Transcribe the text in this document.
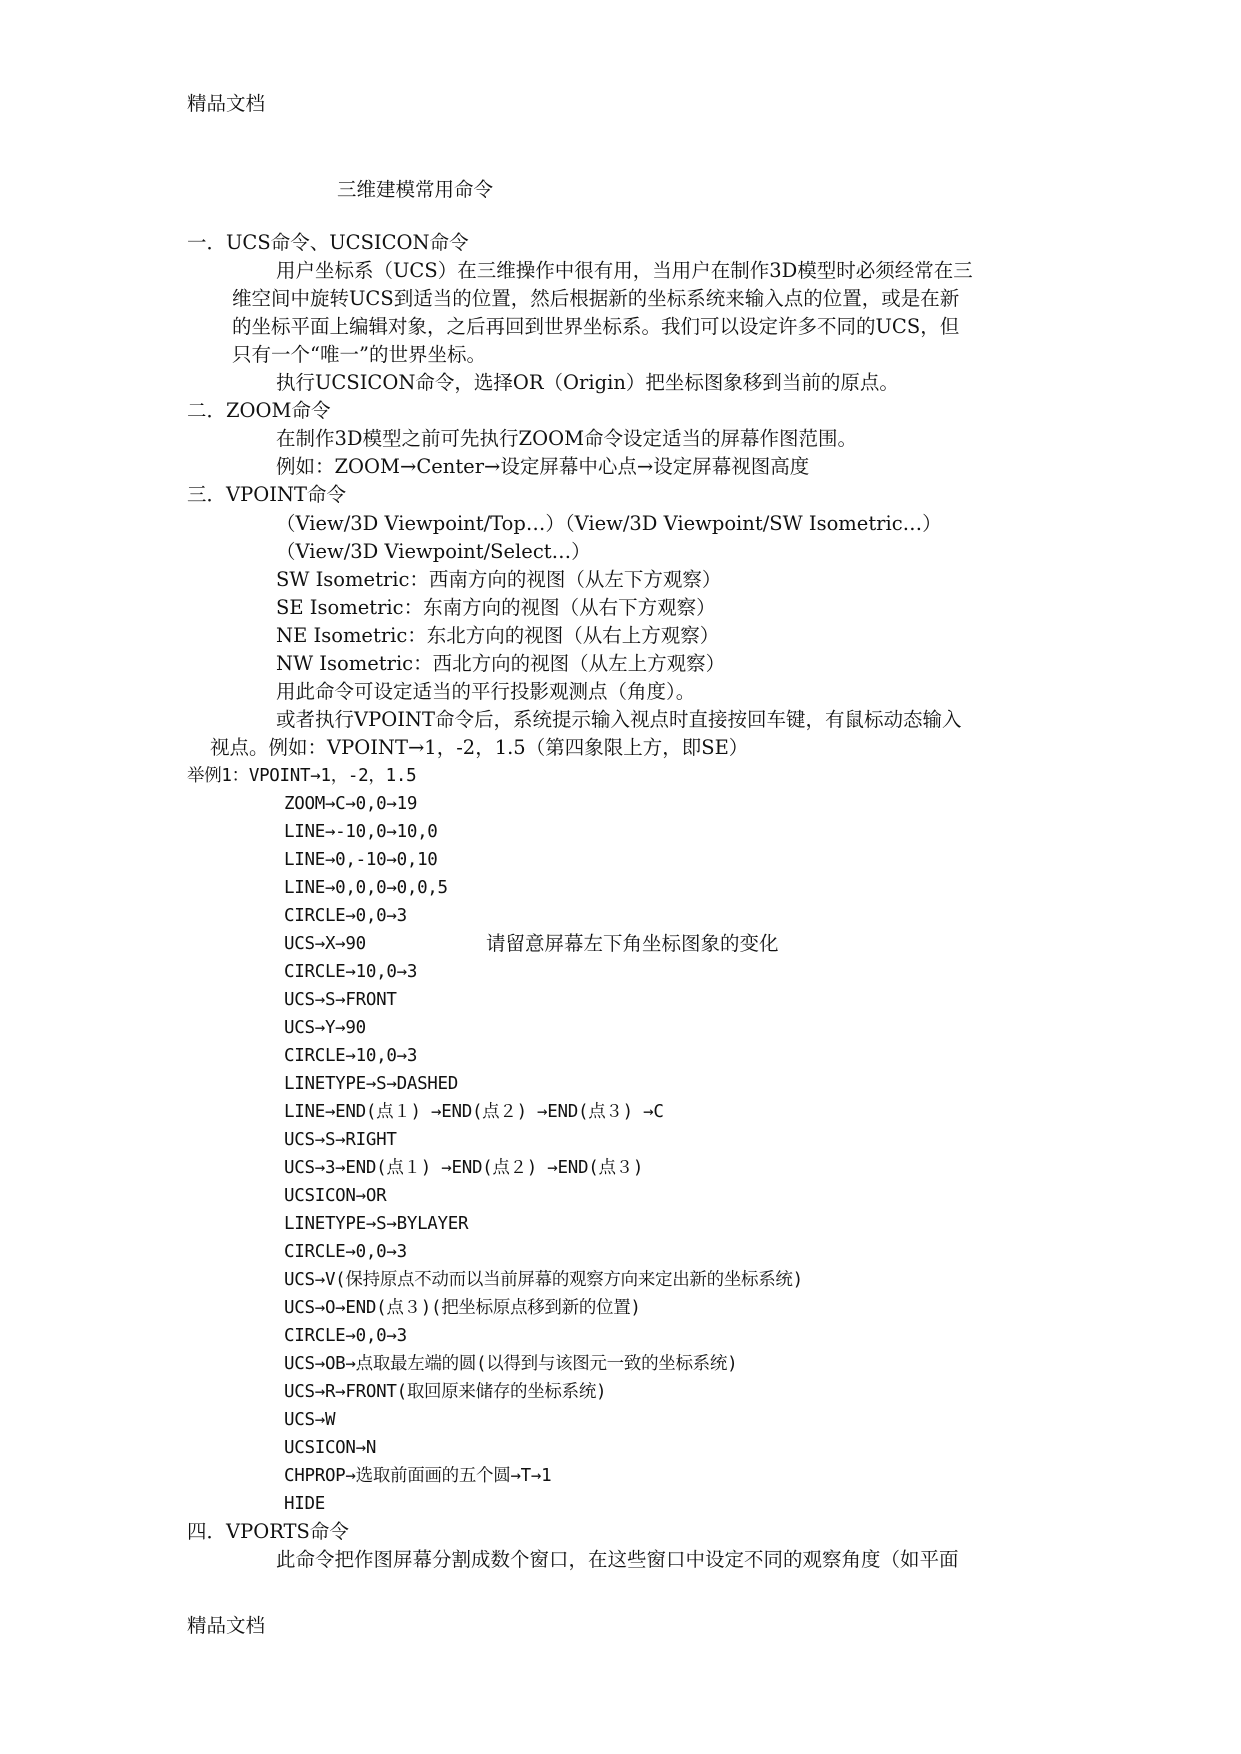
精品文档
三维建模常用命令
一．UCS命令、UCSICON命令
用户坐标系（UCS）在三维操作中很有用，当用户在制作3D模型时必须经常在三
维空间中旋转UCS到适当的位置，然后根据新的坐标系统来输入点的位置，或是在新
的坐标平面上编辑对象，之后再回到世界坐标系。我们可以设定许多不同的UCS，但
只有一个“唯一”的世界坐标。
执行UCSICON命令，选择OR（Origin）把坐标图象移到当前的原点。
二．ZOOM命令
在制作3D模型之前可先执行ZOOM命令设定适当的屏幕作图范围。
例如：ZOOM→Center→设定屏幕中心点→设定屏幕视图高度
三．VPOINT命令
（View/3D Viewpoint/Top…）（View/3D Viewpoint/SW Isometric…）
（View/3D Viewpoint/Select…）
SW Isometric：西南方向的视图（从左下方观察）
SE Isometric：东南方向的视图（从右下方观察）
NE Isometric：东北方向的视图（从右上方观察）
NW Isometric：西北方向的视图（从左上方观察）
用此命令可设定适当的平行投影观测点（角度）。
或者执行VPOINT命令后，系统提示输入视点时直接按回车键，有鼠标动态输入
视点。例如：VPOINT→1，-2，1.5（第四象限上方，即SE）
举例1：VPOINT→1，-2，1.5
ZOOM→C→0,0→19
LINE→-10,0→10,0
LINE→0,-10→0,10
LINE→0,0,0→0,0,5
CIRCLE→0,0→3
UCS→X→90	请留意屏幕左下角坐标图象的变化
CIRCLE→10,0→3
UCS→S→FRONT
UCS→Y→90
CIRCLE→10,0→3
LINETYPE→S→DASHED
LINE→END(点１) →END(点２) →END(点３) →C
UCS→S→RIGHT
UCS→3→END(点１) →END(点２) →END(点３)
UCSICON→OR
LINETYPE→S→BYLAYER
CIRCLE→0,0→3
UCS→V(保持原点不动而以当前屏幕的观察方向来定出新的坐标系统)
UCS→O→END(点３)(把坐标原点移到新的位置)
CIRCLE→0,0→3
UCS→OB→点取最左端的圆(以得到与该图元一致的坐标系统)
UCS→R→FRONT(取回原来储存的坐标系统)
UCS→W
UCSICON→N
CHPROP→选取前面画的五个圆→T→1
HIDE
四．VPORTS命令
此命令把作图屏幕分割成数个窗口，在这些窗口中设定不同的观察角度（如平面
精品文档
